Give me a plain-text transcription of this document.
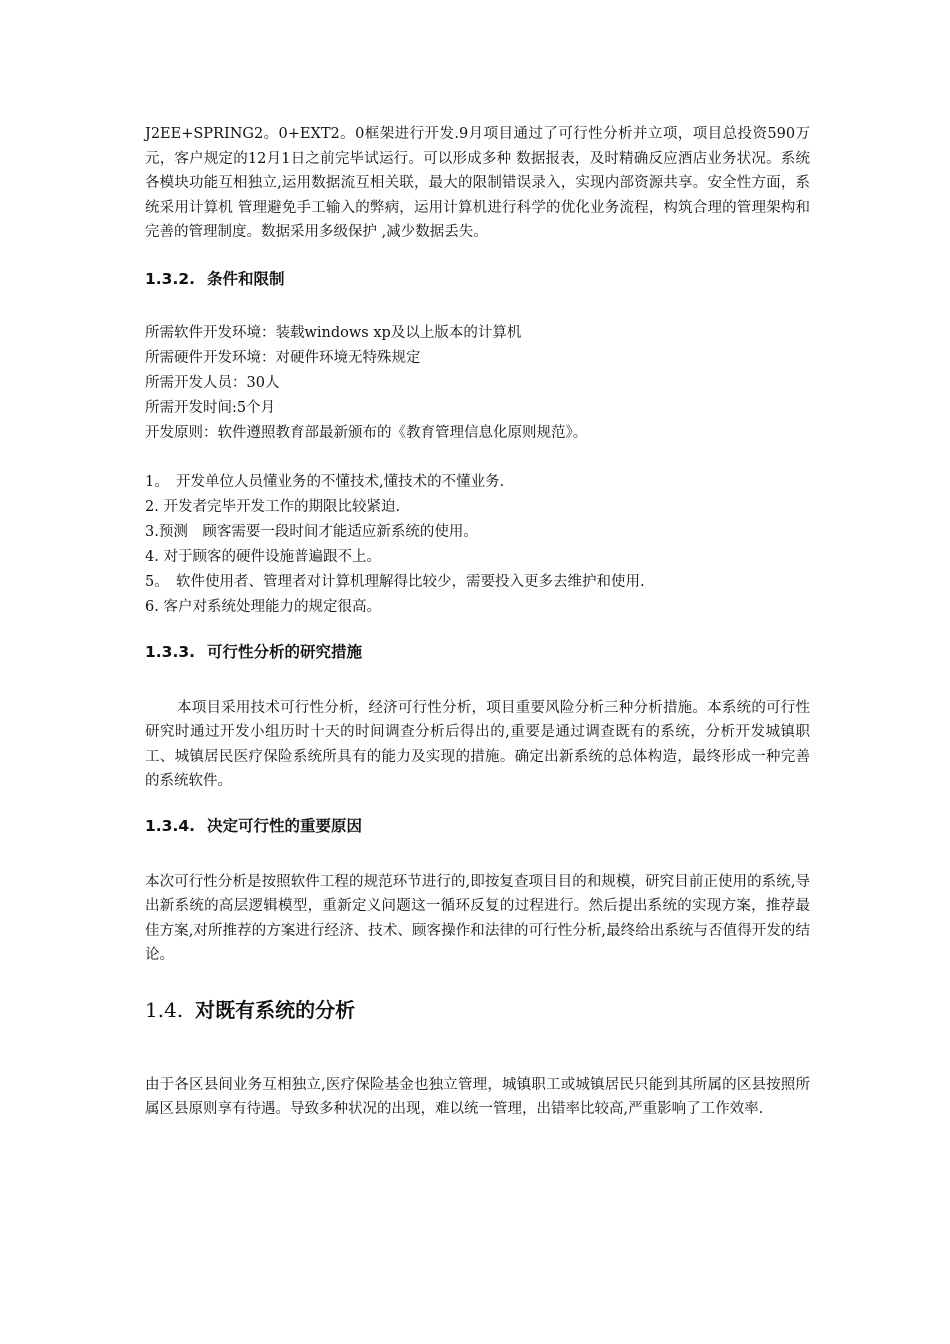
J2EE+SPRING2。0+EXT2。0框架进行开发.9月项目通过了可行性分析并立项，项目总投资590万元，客户规定的12月1日之前完毕试运行。可以形成多种 数据报表，及时精确反应酒店业务状况。系统各模块功能互相独立,运用数据流互相关联，最大的限制错误录入，实现内部资源共享。安全性方面，系统采用计算机 管理避免手工输入的弊病，运用计算机进行科学的优化业务流程，构筑合理的管理架构和完善的管理制度。数据采用多级保护 ,减少数据丢失。

1.3.2. 条件和限制

所需软件开发环境：装载windows xp及以上版本的计算机

所需硬件开发环境：对硬件环境无特殊规定

所需开发人员：30人

所需开发时间:5个月

开发原则：软件遵照教育部最新颁布的《教育管理信息化原则规范》。

1。　开发单位人员懂业务的不懂技术,懂技术的不懂业务.

2. 开发者完毕开发工作的期限比较紧迫.

3.预测　顾客需要一段时间才能适应新系统的使用。

4. 对于顾客的硬件设施普遍跟不上。

5。　软件使用者、管理者对计算机理解得比较少，需要投入更多去维护和使用.

6. 客户对系统处理能力的规定很高。

1.3.3. 可行性分析的研究措施

本项目采用技术可行性分析，经济可行性分析，项目重要风险分析三种分析措施。本系统的可行性研究时通过开发小组历时十天的时间调查分析后得出的,重要是通过调查既有的系统，分析开发城镇职工、城镇居民医疗保险系统所具有的能力及实现的措施。确定出新系统的总体构造，最终形成一种完善的系统软件。

1.3.4. 决定可行性的重要原因

本次可行性分析是按照软件工程的规范环节进行的,即按复查项目目的和规模，研究目前正使用的系统,导出新系统的高层逻辑模型，重新定义问题这一循环反复的过程进行。然后提出系统的实现方案，推荐最佳方案,对所推荐的方案进行经济、技术、顾客操作和法律的可行性分析,最终给出系统与否值得开发的结论。

1.4. 对既有系统的分析

由于各区县间业务互相独立,医疗保险基金也独立管理，城镇职工或城镇居民只能到其所属的区县按照所属区县原则享有待遇。导致多种状况的出现，难以统一管理，出错率比较高,严重影响了工作效率.
